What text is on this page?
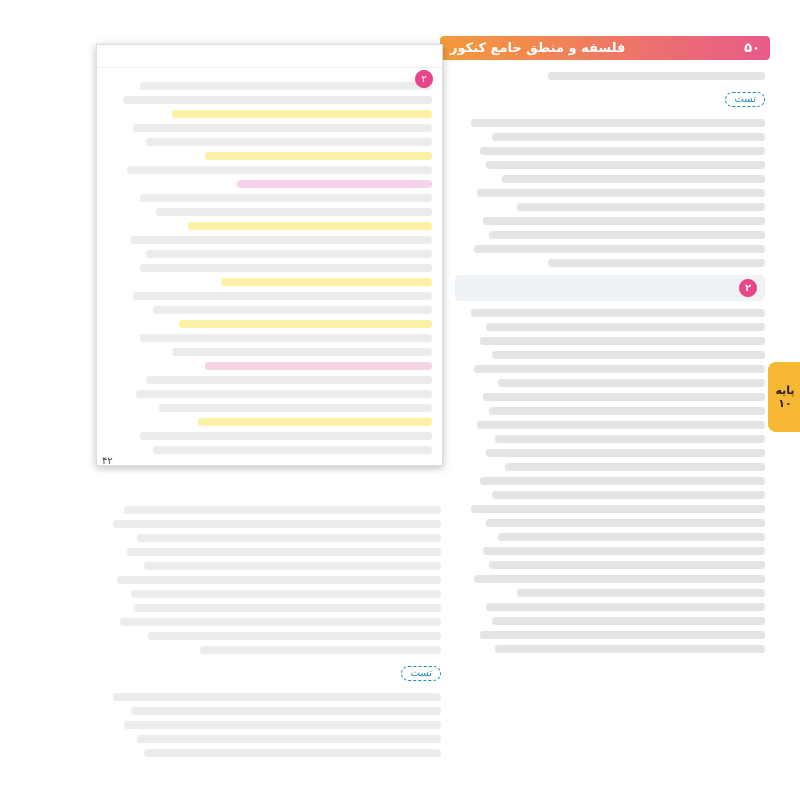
۵۰
فلسفه و منطق جامع کنکور

۲
۴۲
تست
۲

پایه
۱۰
تست
